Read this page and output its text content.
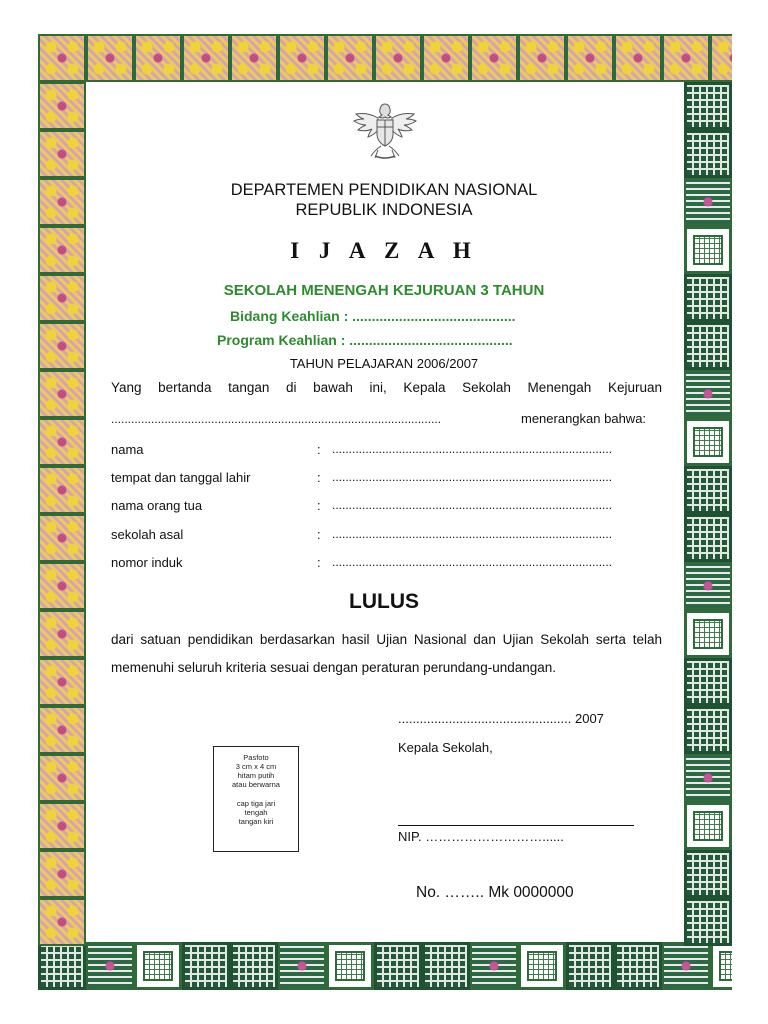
DEPARTEMEN PENDIDIKAN NASIONAL
REPUBLIK INDONESIA
I J A Z A H
SEKOLAH MENENGAH KEJURUAN 3 TAHUN
Bidang Keahlian : ..........................................
Program Keahlian : ..........................................
TAHUN PELAJARAN 2006/2007
Yang bertanda tangan di bawah ini, Kepala Sekolah Menengah Kejuruan
...................................................................................................	menerangkan bahwa:
nama	: ....................................................................................
tempat dan tanggal lahir	: ....................................................................................
nama orang tua	: ....................................................................................
sekolah asal	: ....................................................................................
nomor induk	: ....................................................................................
LULUS
dari satuan pendidikan berdasarkan hasil Ujian Nasional dan Ujian Sekolah serta telah memenuhi seluruh kriteria sesuai dengan peraturan perundang-undangan.
................................................ 2007
Kepala Sekolah,
Pasfoto
3 cm x 4 cm
hitam putih
atau berwarna
cap tiga jari
tengah
tangan kiri
NIP. ………………………......
No. …….. Mk 0000000
